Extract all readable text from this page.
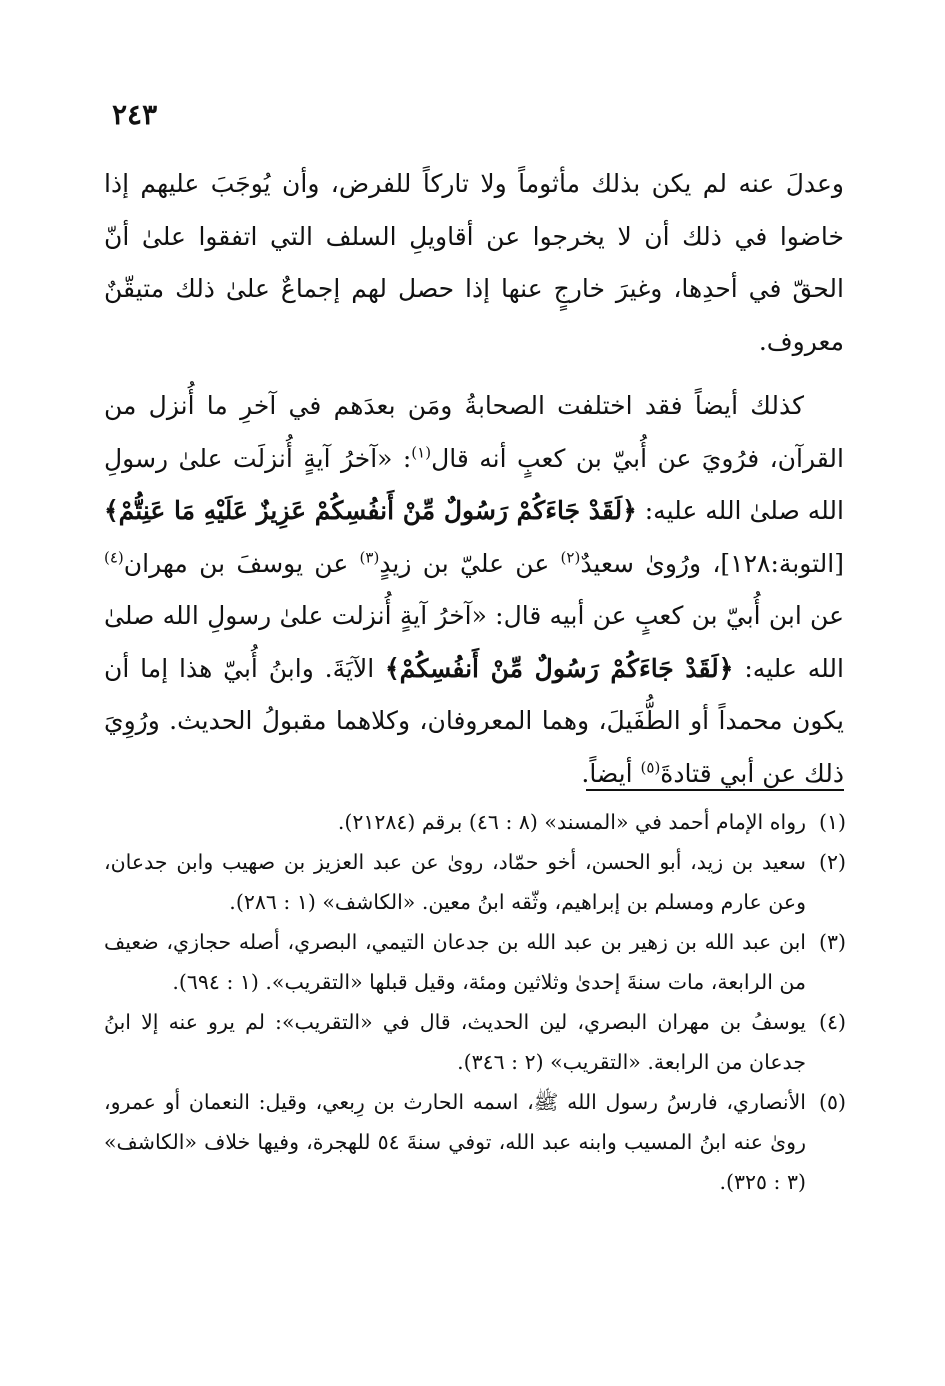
٢٤٣

وعدلَ عنه لم يكن بذلك مأثوماً ولا تاركاً للفرض، وأن يُوجَبَ عليهم إذا خاضوا في ذلك أن لا يخرجوا عن أقاويلِ السلف التي اتفقوا علىٰ أنّ الحقّ في أحدِها، وغيرَ خارجٍ عنها إذا حصل لهم إجماعٌ علىٰ ذلك متيقّنٌ معروف.

كذلك أيضاً فقد اختلفت الصحابةُ ومَن بعدَهم في آخرِ ما أُنزل من القرآن، فرُويَ عن أُبيّ بن كعبٍ أنه قال$^{(١)}$: «آخرُ آيةٍ أُنزلَت علىٰ رسولِ الله صلىٰ الله عليه: ﴿لَقَدْ جَاءَكُمْ رَسُولٌ مِّنْ أَنفُسِكُمْ عَزِيزٌ عَلَيْهِ مَا عَنِتُّمْ﴾ [التوبة:١٢٨]، ورُوىٰ سعيدٌ$^{(٢)}$ عن عليّ بن زيدٍ$^{(٣)}$ عن يوسفَ بن مهران$^{(٤)}$ عن ابن أُبيّ بن كعبٍ عن أبيه قال: «آخرُ آيةٍ أُنزلت علىٰ رسولِ الله صلىٰ الله عليه: ﴿لَقَدْ جَاءَكُمْ رَسُولٌ مِّنْ أَنفُسِكُمْ﴾ الآيَةَ. وابنُ أُبيّ هذا إما أن يكون محمداً أو الطُّفَيلَ، وهما المعروفان، وكلاهما مقبولُ الحديث. ورُوِيَ ذلك عن أبي قتادةَ$^{(٥)}$ أيضاً.

(١)
رواه الإمام أحمد في «المسند» (٨ : ٤٦) برقم (٢١٢٨٤).

(٢)
سعيد بن زيد، أبو الحسن، أخو حمّاد، روىٰ عن عبد العزيز بن صهيب وابن جدعان، وعن عارم ومسلم بن إبراهيم، وثّقه ابنُ معين. «الكاشف» (١ : ٢٨٦).

(٣)
ابن عبد الله بن زهير بن عبد الله بن جدعان التيمي، البصري، أصله حجازي، ضعيف من الرابعة، مات سنةَ إحدىٰ وثلاثين ومئة، وقيل قبلها «التقريب». (١ : ٦٩٤).

(٤)
يوسفُ بن مهران البصري، لين الحديث، قال في «التقريب»: لم يرو عنه إلا ابنُ جدعان من الرابعة. «التقريب» (٢ : ٣٤٦).

(٥)
الأنصاري، فارسُ رسول الله ﷺ، اسمه الحارث بن رِبعي، وقيل: النعمان أو عمرو، روىٰ عنه ابنُ المسيب وابنه عبد الله، توفي سنةَ ٥٤ للهجرة، وفيها خلاف «الكاشف» (٣ : ٣٢٥).
